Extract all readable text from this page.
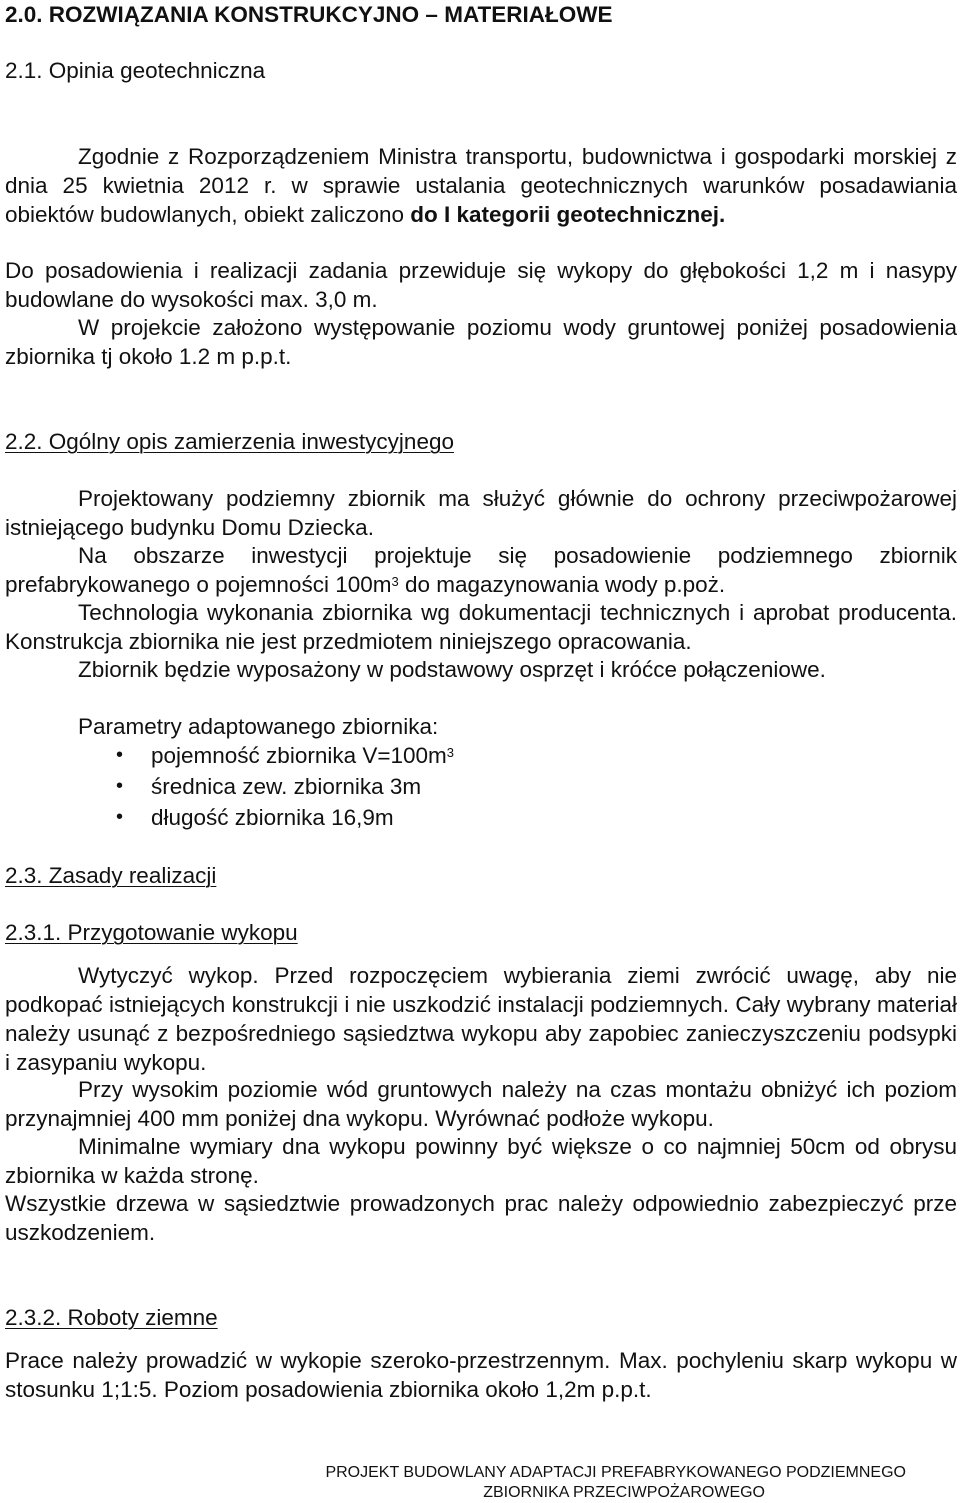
2.0. ROZWIĄZANIA KONSTRUKCYJNO – MATERIAŁOWE
2.1. Opinia geotechniczna

Zgodnie z Rozporządzeniem Ministra transportu, budownictwa i gospodarki morskiej z dnia 25 kwietnia 2012 r. w sprawie ustalania geotechnicznych warunków posadawiania obiektów budowlanych, obiekt zaliczono do I kategorii geotechnicznej.

Do posadowienia i realizacji zadania przewiduje się wykopy do głębokości 1,2 m i nasypy budowlane do wysokości max. 3,0 m.

W projekcie założono występowanie poziomu wody gruntowej poniżej posadowienia zbiornika tj około 1.2 m p.p.t.

2.2. Ogólny opis zamierzenia inwestycyjnego

Projektowany podziemny zbiornik ma służyć głównie do ochrony przeciwpożarowej istniejącego budynku Domu Dziecka.

Na obszarze inwestycji projektuje się posadowienie podziemnego zbiornik prefabrykowanego o pojemności $100m^3$ do magazynowania wody p.poż.

Technologia wykonania zbiornika wg dokumentacji technicznych i aprobat producenta. Konstrukcja zbiornika nie jest przedmiotem niniejszego opracowania.

Zbiornik będzie wyposażony w podstawowy osprzęt i króćce połączeniowe.

Parametry adaptowanego zbiornika:

• pojemność zbiornika $V=100m^3$
• średnica zew. zbiornika 3m
• długość zbiornika 16,9m
2.3. Zasady realizacji
2.3.1. Przygotowanie wykopu

Wytyczyć wykop. Przed rozpoczęciem wybierania ziemi zwrócić uwagę, aby nie podkopać istniejących konstrukcji i nie uszkodzić instalacji podziemnych. Cały wybrany materiał należy usunąć z bezpośredniego sąsiedztwa wykopu aby zapobiec zanieczyszczeniu podsypki i zasypaniu wykopu.

Przy wysokim poziomie wód gruntowych należy na czas montażu obniżyć ich poziom przynajmniej 400 mm poniżej dna wykopu. Wyrównać podłoże wykopu.

Minimalne wymiary dna wykopu powinny być większe o co najmniej 50cm od obrysu zbiornika w każda stronę.

Wszystkie drzewa w sąsiedztwie prowadzonych prac należy odpowiednio zabezpieczyć prze uszkodzeniem.

2.3.2. Roboty ziemne

Prace należy prowadzić w wykopie szeroko-przestrzennym. Max. pochyleniu skarp wykopu w stosunku 1;1:5. Poziom posadowienia zbiornika około 1,2m p.p.t.

PROJEKT BUDOWLANY ADAPTACJI PREFABRYKOWANEGO PODZIEMNEGO
ZBIORNIKA PRZECIWPOŻAROWEGO
